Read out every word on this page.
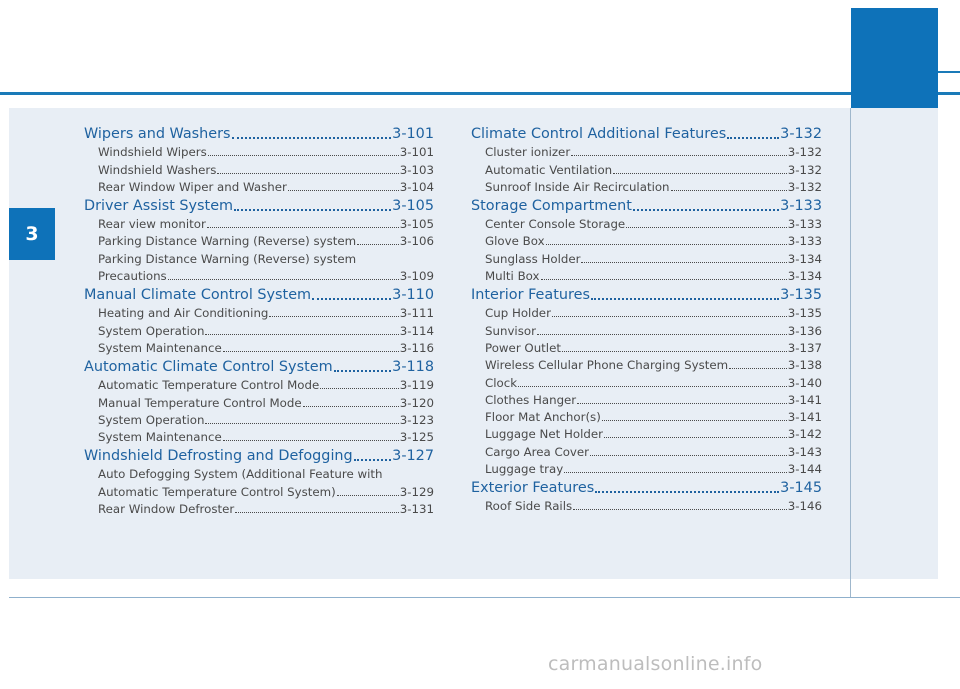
3
Wipers and Washers	3-101
Windshield Wipers	3-101
Windshield Washers	3-103
Rear Window Wiper and Washer	3-104
Driver Assist System	3-105
Rear view monitor	3-105
Parking Distance Warning (Reverse) system	3-106
Parking Distance Warning (Reverse) system
Precautions	3-109
Manual Climate Control System	3-110
Heating and Air Conditioning	3-111
System Operation	3-114
System Maintenance	3-116
Automatic Climate Control System	3-118
Automatic Temperature Control Mode	3-119
Manual Temperature Control Mode	3-120
System Operation	3-123
System Maintenance	3-125
Windshield Defrosting and Defogging	3-127
Auto Defogging System (Additional Feature with
Automatic Temperature Control System)	3-129
Rear Window Defroster	3-131
Climate Control Additional Features	3-132
Cluster ionizer	3-132
Automatic Ventilation	3-132
Sunroof Inside Air Recirculation	3-132
Storage Compartment	3-133
Center Console Storage	3-133
Glove Box	3-133
Sunglass Holder	3-134
Multi Box	3-134
Interior Features	3-135
Cup Holder	3-135
Sunvisor	3-136
Power Outlet	3-137
Wireless Cellular Phone Charging System	3-138
Clock	3-140
Clothes Hanger	3-141
Floor Mat Anchor(s)	3-141
Luggage Net Holder	3-142
Cargo Area Cover	3-143
Luggage tray	3-144
Exterior Features	3-145
Roof Side Rails	3-146
carmanualsonline.info
